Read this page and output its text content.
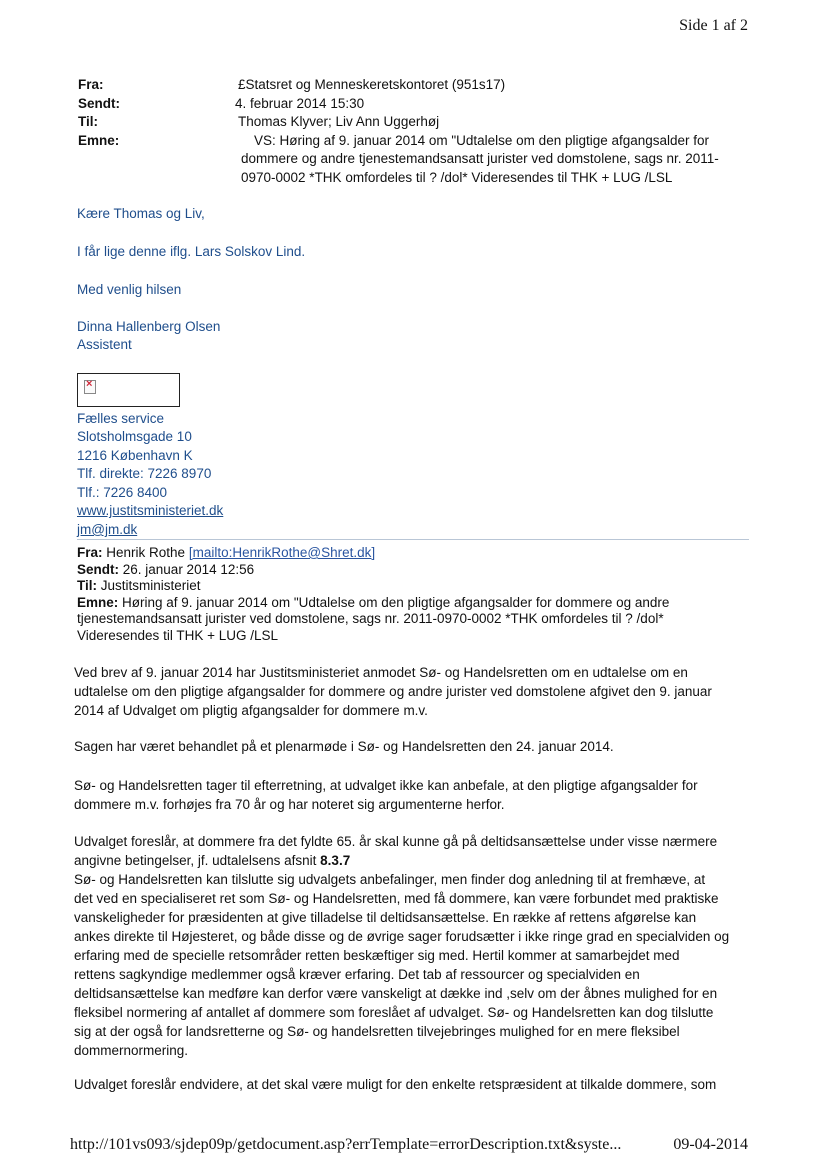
Side 1 af 2
Fra:	£Statsret og Menneskeretskontoret (951s17)
Sendt:	4. februar 2014 15:30
Til:	Thomas Klyver; Liv Ann Uggerhøj
Emne:	VS: Høring af 9. januar 2014 om "Udtalelse om den pligtige afgangsalder for
dommere og andre tjenestemandsansatt jurister ved domstolene, sags nr. 2011-
0970-0002 *THK omfordeles til ? /dol* Videresendes til THK + LUG /LSL
Kære Thomas og Liv,
I får lige denne iflg. Lars Solskov Lind.
Med venlig hilsen
Dinna Hallenberg Olsen
Assistent
×
Fælles service
Slotsholmsgade 10
1216 København K
Tlf. direkte: 7226 8970
Tlf.: 7226 8400
www.justitsministeriet.dk
jm@jm.dk
Fra: Henrik Rothe [mailto:HenrikRothe@Shret.dk]
Sendt: 26. januar 2014 12:56
Til: Justitsministeriet
Emne: Høring af 9. januar 2014 om "Udtalelse om den pligtige afgangsalder for dommere og andre
tjenestemandsansatt jurister ved domstolene, sags nr. 2011-0970-0002 *THK omfordeles til ? /dol*
Videresendes til THK + LUG /LSL
Ved brev af 9. januar 2014 har Justitsministeriet anmodet Sø- og Handelsretten om en udtalelse om en
udtalelse om den pligtige afgangsalder for dommere og andre jurister ved domstolene afgivet den 9. januar
2014 af Udvalget om pligtig afgangsalder for dommere m.v.
Sagen har været behandlet på et plenarmøde i Sø- og Handelsretten den 24. januar 2014.
Sø- og Handelsretten tager til efterretning, at udvalget ikke kan anbefale, at den pligtige afgangsalder for
dommere m.v. forhøjes fra 70 år og har noteret sig argumenterne herfor.
Udvalget foreslår, at dommere fra det fyldte 65. år skal kunne gå på deltidsansættelse under visse nærmere
angivne betingelser, jf. udtalelsens afsnit 8.3.7
Sø- og Handelsretten kan tilslutte sig udvalgets anbefalinger, men finder dog anledning til at fremhæve, at
det ved en specialiseret ret som Sø- og Handelsretten, med få dommere, kan være forbundet med praktiske
vanskeligheder for præsidenten at give tilladelse til deltidsansættelse. En række af rettens afgørelse kan
ankes direkte til Højesteret, og både disse og de øvrige sager forudsætter i ikke ringe grad en specialviden og
erfaring med de specielle retsområder retten beskæftiger sig med. Hertil kommer at samarbejdet med
rettens sagkyndige medlemmer også kræver erfaring. Det tab af ressourcer og specialviden en
deltidsansættelse kan medføre kan derfor være vanskeligt at dække ind ,selv om der åbnes mulighed for en
fleksibel normering af antallet af dommere som foreslået af udvalget. Sø- og Handelsretten kan dog tilslutte
sig at der også for landsretterne og Sø- og handelsretten tilvejebringes mulighed for en mere fleksibel
dommernormering.
Udvalget foreslår endvidere, at det skal være muligt for den enkelte retspræsident at tilkalde dommere, som
http://101vs093/sjdep09p/getdocument.asp?errTemplate=errorDescription.txt&syste...	09-04-2014
